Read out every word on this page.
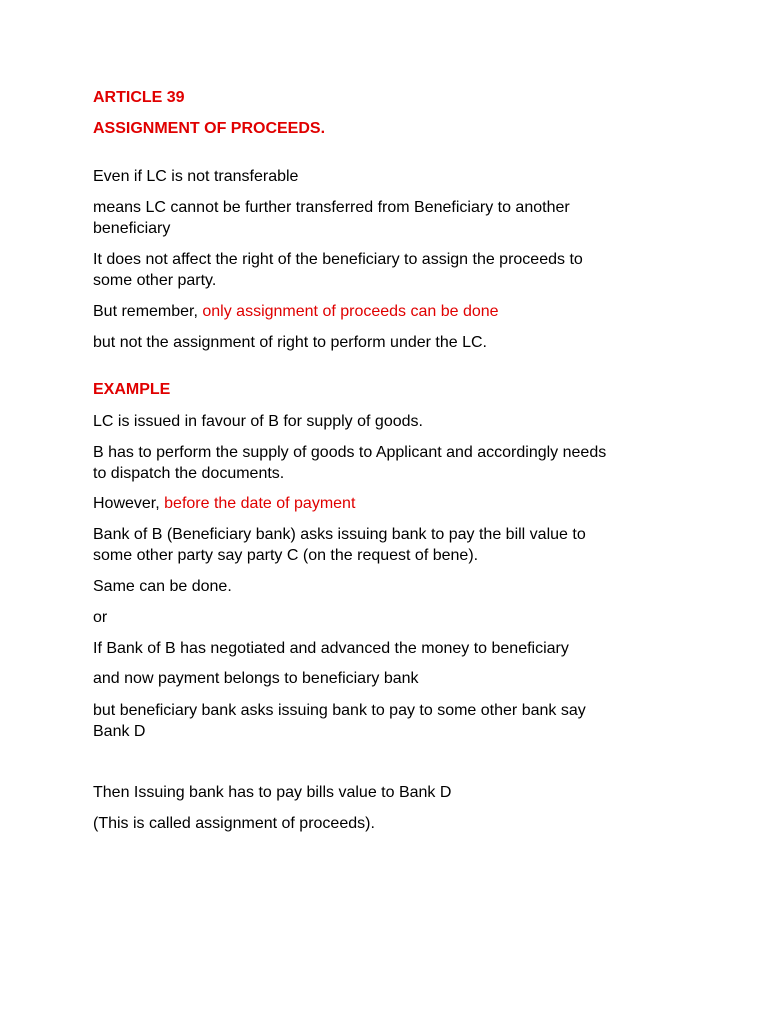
ARTICLE 39
ASSIGNMENT OF PROCEEDS.
Even if LC is not transferable
means LC cannot be further transferred from Beneficiary to another
beneficiary
It does not affect the right of the beneficiary to assign the proceeds to
some other party.
But remember, only assignment of proceeds can be done
but not the assignment of right to perform under the LC.
EXAMPLE
LC is issued in favour of B for supply of goods.
B has to perform the supply of goods to Applicant and accordingly needs
to dispatch the documents.
However, before the date of payment
Bank of B (Beneficiary bank) asks issuing bank to pay the bill value to
some other party say party C (on the request of bene).
Same can be done.
or
If Bank of B has negotiated and advanced the money to beneficiary
and now payment belongs to beneficiary bank
but beneficiary bank asks issuing bank to pay to some other bank say
Bank D
Then Issuing bank has to pay bills value to Bank D
(This is called assignment of proceeds).
